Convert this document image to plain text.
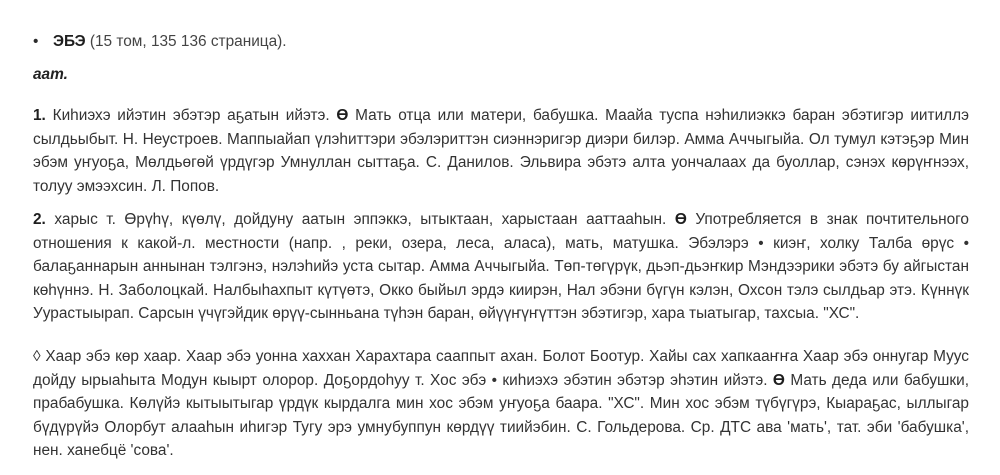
• ЭБЭ (15 том, 135 136 страница).
аат.
1. Киһиэхэ ийэтин эбэтэр аҕатын ийэтэ. ϴ Мать отца или матери, бабушка. Маайа туспа нэһилиэккэ баран эбэтигэр иитиллэ сылдьыбыт. Н. Неустроев. Маппыайап үлэһиттэри эбэлэриттэн сиэннэригэр диэри билэр. Амма Аччыгыйа. Ол тумул кэтэҕэр Мин эбэм уҥуоҕа, Мөлдьөгөй үрдүгэр Умнуллан сыттаҕа. С. Данилов. Эльвира эбэтэ алта уончалаах да буоллар, сэнэх көрүҥнээх, толуу эмээхсин. Л. Попов.
2. харыс т. Өрүһү, күөлү, дойдуну аатын эппэккэ, ытыктаан, харыстаан ааттааһын. ϴ Употребляется в знак почтительного отношения к какой-л. местности (напр. , реки, озера, леса, аласа), мать, матушка. Эбэлэрэ • киэҥ, холку Талба өрүс • балаҕаннарын аннынан тэлгэнэ, нэлэһийэ уста сытар. Амма Аччыгыйа. Төп-төгүрүк, дьэп-дьэҥкир Мэндээрики эбэтэ бу айгыстан көһүннэ. Н. Заболоцкай. Налбыһахпыт күтүөтэ, Окко быйыл эрдэ киирэн, Нал эбэни бүгүн кэлэн, Охсон тэлэ сылдьар этэ. Күннүк Уурастыырап. Сарсын үчүгэйдик өрүү-сынньана түһэн баран, өйүүҥүҥүттэн эбэтигэр, хара тыатыгар, тахсыа. "ХС".
◊ Хаар эбэ көр хаар. Хаар эбэ уонна хаххан Харахтара сааппыт ахан. Болот Боотур. Хайы сах хапкааҥҥа Хаар эбэ оннугар Муус дойду ырыаһыта Модун кыырт олорор. Доҕордоһуу т. Хос эбэ • киһиэхэ эбэтин эбэтэр эһэтин ийэтэ. ϴ Мать деда или бабушки, прабабушка. Көлүйэ кытыытыгар үрдүк кырдалга мин хос эбэм уҥуоҕа баара. "ХС". Мин хос эбэм түбүгүрэ, Кыараҕас, ыллыгар бүдүрүйэ Олорбут алааһын иһигэр Тугу эрэ умнубуппун көрдүү тиийэбин. С. Гольдерова. Ср. ДТС ава 'мать', тат. эби 'бабушка', нен. ханебцё 'сова'.
